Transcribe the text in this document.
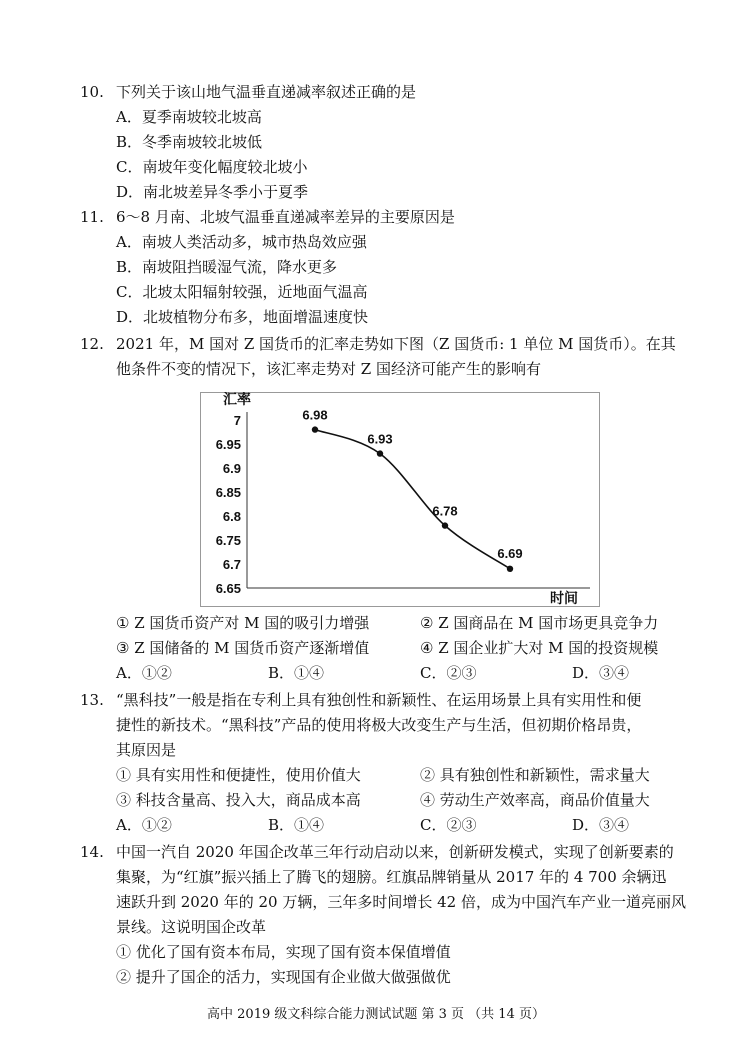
10. 下列关于该山地气温垂直递减率叙述正确的是
A．夏季南坡较北坡高
B．冬季南坡较北坡低
C．南坡年变化幅度较北坡小
D．南北坡差异冬季小于夏季
11. 6～8 月南、北坡气温垂直递减率差异的主要原因是
A．南坡人类活动多，城市热岛效应强
B．南坡阻挡暖湿气流，降水更多
C．北坡太阳辐射较强，近地面气温高
D．北坡植物分布多，地面增温速度快
12. 2021 年，M 国对 Z 国货币的汇率走势如下图（Z 国货币: 1 单位 M 国货币）。在其
他条件不变的情况下，该汇率走势对 Z 国经济可能产生的影响有
7
6.95
6.9
6.85
6.8
6.75
6.7
6.65
汇率
时间
6.98
6.93
6.78
6.69
① Z 国货币资产对 M 国的吸引力增强	② Z 国商品在 M 国市场更具竞争力
③ Z 国储备的 M 国货币资产逐渐增值	④ Z 国企业扩大对 M 国的投资规模
A．①②	B．①④	C．②③	D．③④
13. “黑科技”一般是指在专利上具有独创性和新颖性、在运用场景上具有实用性和便
捷性的新技术。“黑科技”产品的使用将极大改变生产与生活，但初期价格昂贵，
其原因是
① 具有实用性和便捷性，使用价值大	② 具有独创性和新颖性，需求量大
③ 科技含量高、投入大，商品成本高	④ 劳动生产效率高，商品价值量大
A．①②	B．①④	C．②③	D．③④
14. 中国一汽自 2020 年国企改革三年行动启动以来，创新研发模式，实现了创新要素的
集聚，为“红旗”振兴插上了腾飞的翅膀。红旗品牌销量从 2017 年的 4 700 余辆迅
速跃升到 2020 年的 20 万辆，三年多时间增长 42 倍，成为中国汽车产业一道亮丽风
景线。这说明国企改革
① 优化了国有资本布局，实现了国有资本保值增值
② 提升了国企的活力，实现国有企业做大做强做优
高中 2019 级文科综合能力测试试题 第 3 页 （共 14 页）
